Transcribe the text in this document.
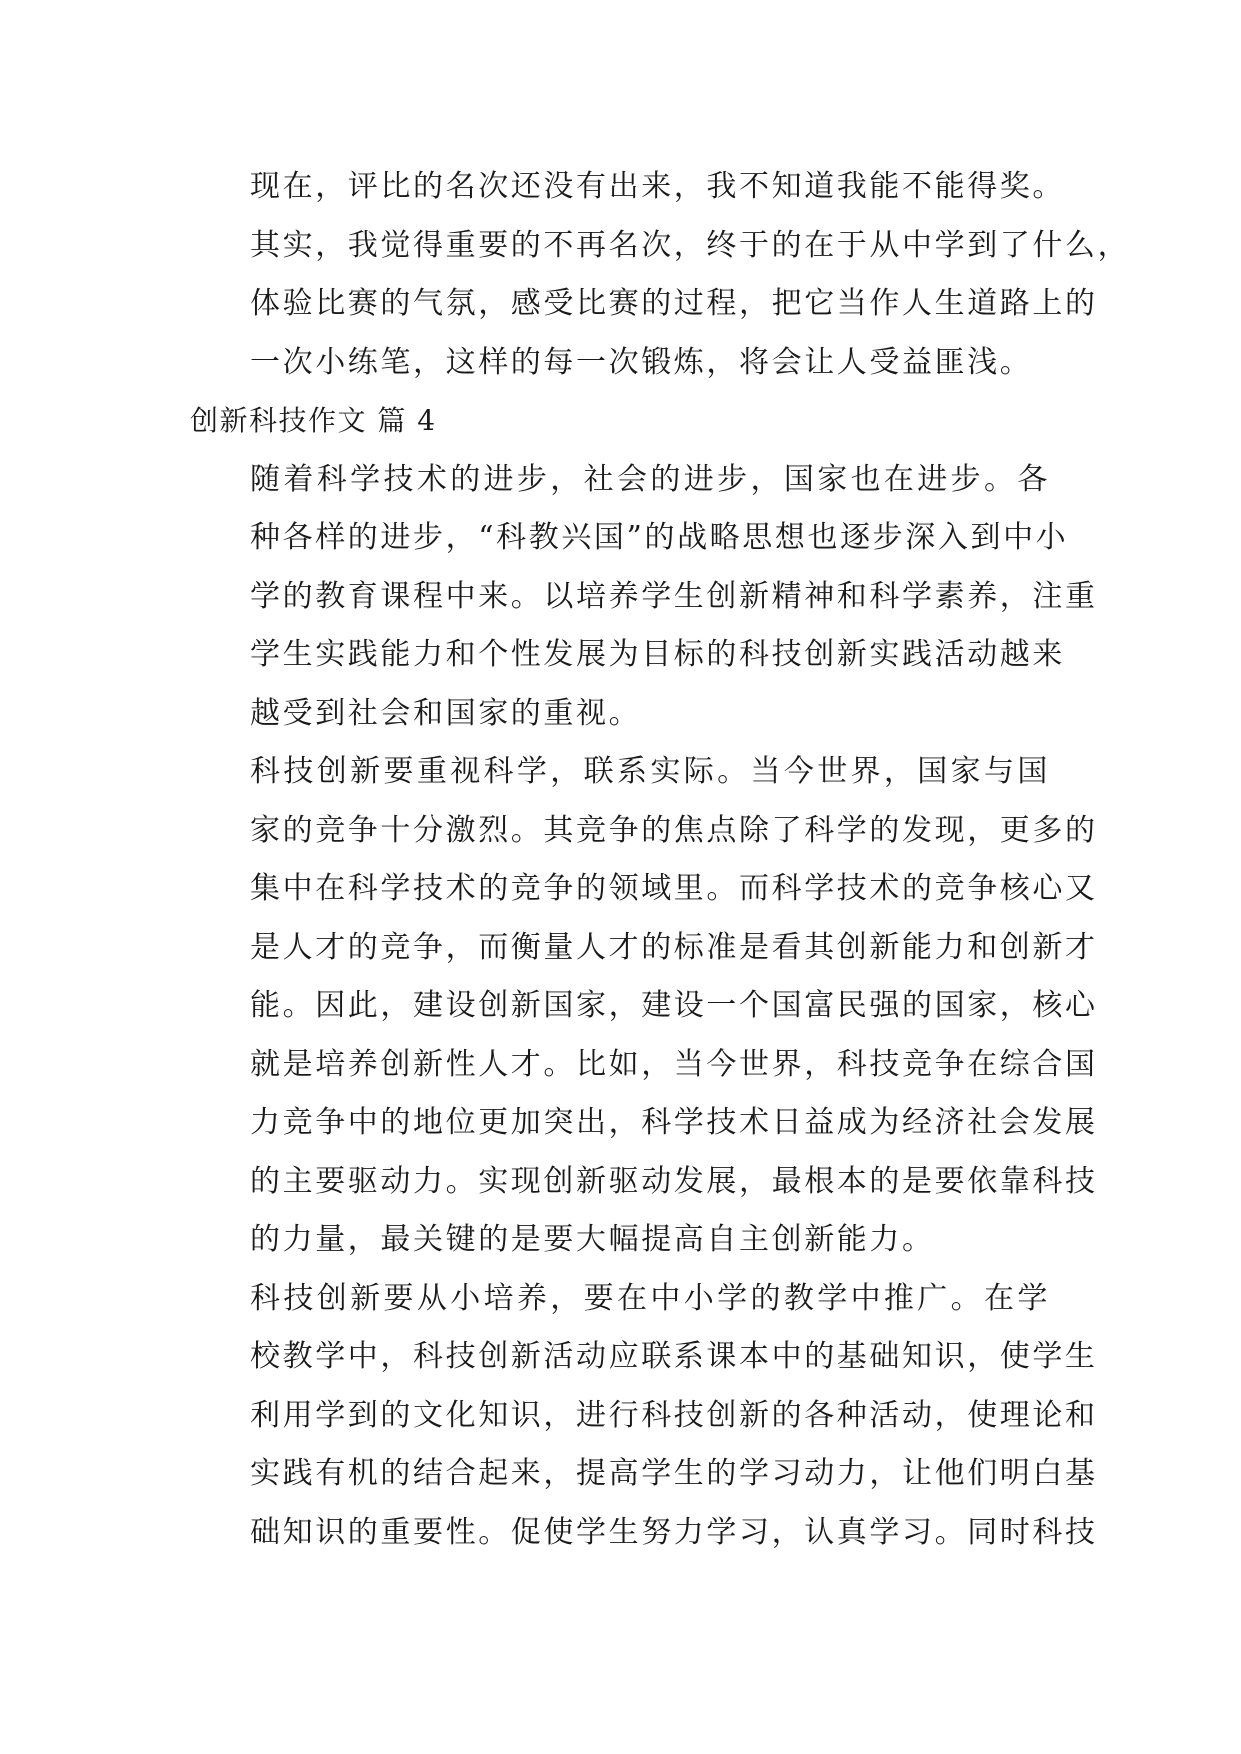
现在，评比的名次还没有出来，我不知道我能不能得奖。
其实，我觉得重要的不再名次，终于的在于从中学到了什么，
体验比赛的气氛，感受比赛的过程，把它当作人生道路上的
一次小练笔，这样的每一次锻炼，将会让人受益匪浅。

创新科技作文 篇 4

随着科学技术的进步，社会的进步，国家也在进步。各
种各样的进步，“科教兴国”的战略思想也逐步深入到中小
学的教育课程中来。以培养学生创新精神和科学素养，注重
学生实践能力和个性发展为目标的科技创新实践活动越来
越受到社会和国家的重视。

科技创新要重视科学，联系实际。当今世界，国家与国
家的竞争十分激烈。其竞争的焦点除了科学的发现，更多的
集中在科学技术的竞争的领域里。而科学技术的竞争核心又
是人才的竞争，而衡量人才的标准是看其创新能力和创新才
能。因此，建设创新国家，建设一个国富民强的国家，核心
就是培养创新性人才。比如，当今世界，科技竞争在综合国
力竞争中的地位更加突出，科学技术日益成为经济社会发展
的主要驱动力。实现创新驱动发展，最根本的是要依靠科技
的力量，最关键的是要大幅提高自主创新能力。

科技创新要从小培养，要在中小学的教学中推广。在学
校教学中，科技创新活动应联系课本中的基础知识，使学生
利用学到的文化知识，进行科技创新的各种活动，使理论和
实践有机的结合起来，提高学生的学习动力，让他们明白基
础知识的重要性。促使学生努力学习，认真学习。同时科技
